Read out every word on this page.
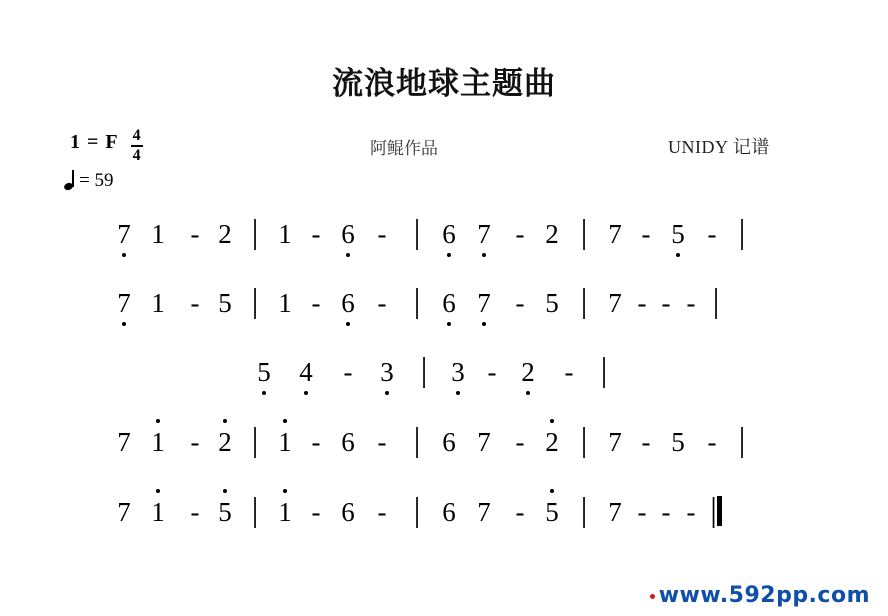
流浪地球主题曲
1 = F $\frac{4}{4}$
= 59
阿鲲作品	UNIDY 记谱
7 1 - 2 | 1 - 6 - | 6 7 - 2 | 7 - 5 - |
7 1 - 5 | 1 - 6 - | 6 7 - 5 | 7 - - - |
5	4	-	3 | 3 - 2	- |
7 1 - 2 | 1 - 6 - | 6 7 - 2 | 7 - 5 - |
7 1 - 5 | 1 - 6 - | 6 7 - 5 | 7 - - - |
www.592pp.com
